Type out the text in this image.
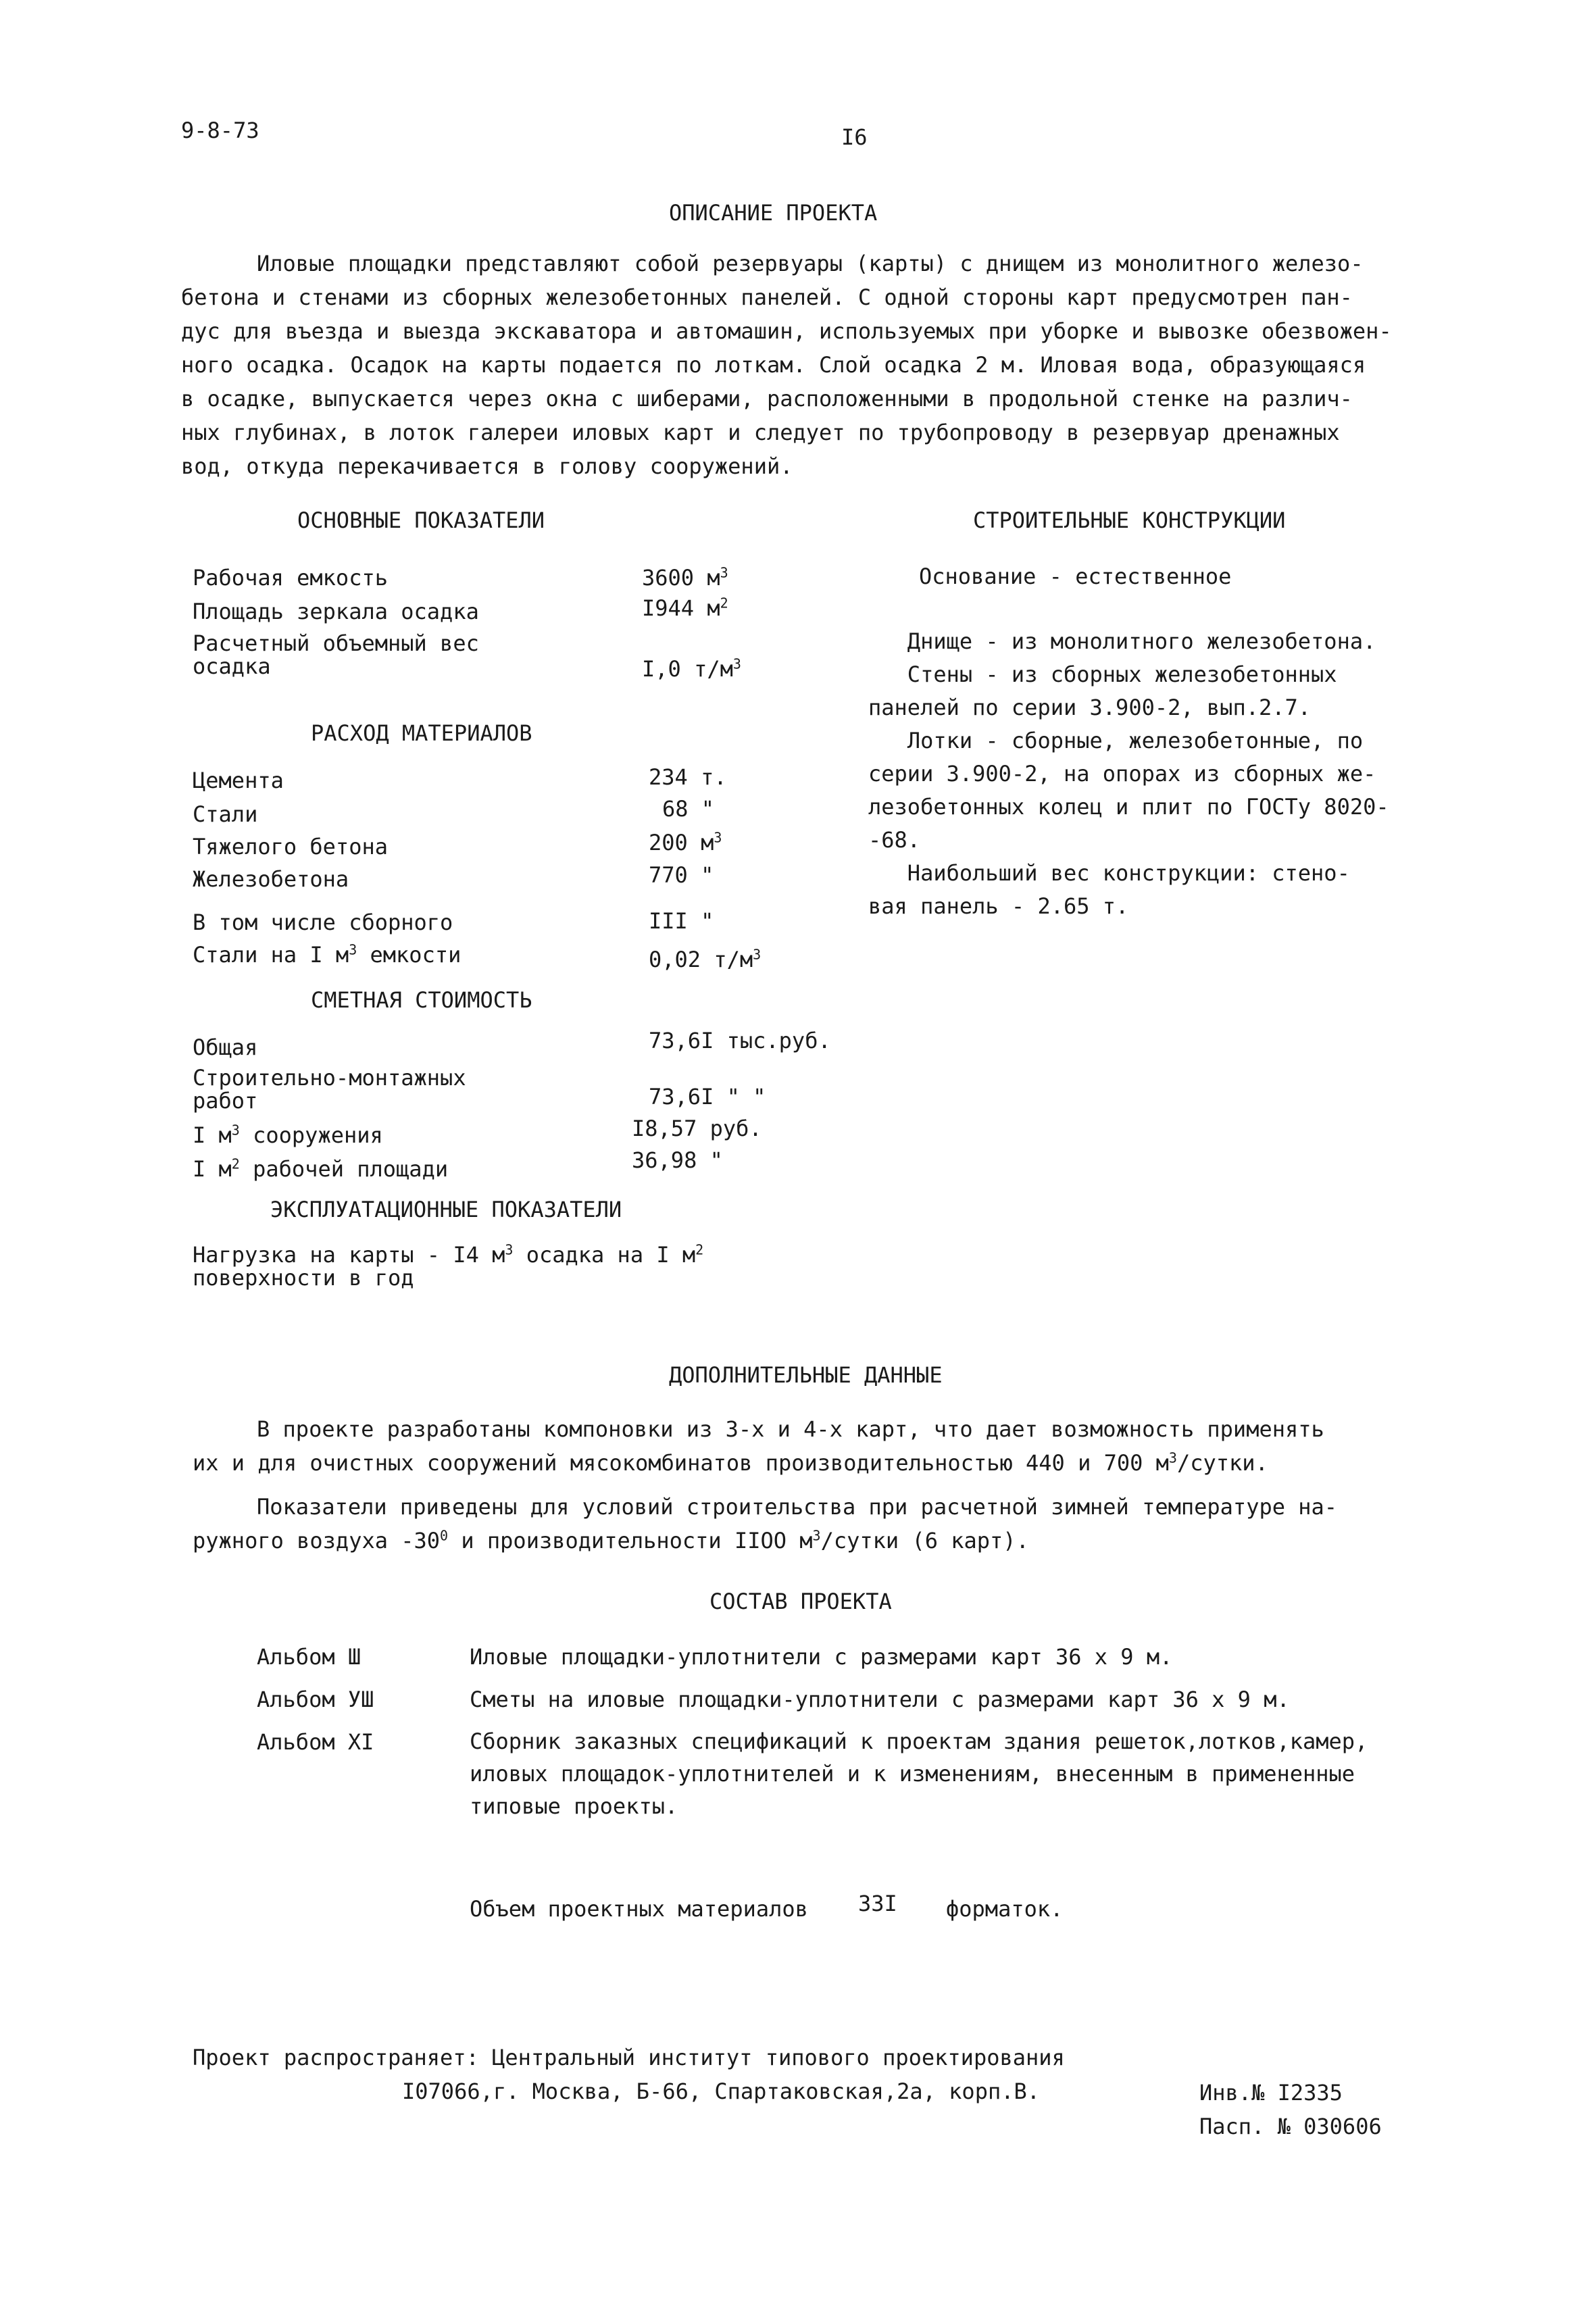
9-8-73	I6
ОПИСАНИЕ ПРОЕКТА
Иловые площадки представляют собой резервуары (карты) с днищем из монолитного железо-
бетона и стенами из сборных железобетонных панелей. С одной стороны карт предусмотрен пан-
дус для въезда и выезда экскаватора и автомашин, используемых при уборке и вывозке обезвожен-
ного осадка. Осадок на карты подается по лоткам. Слой осадка 2 м. Иловая вода, образующаяся
в осадке, выпускается через окна с шиберами, расположенными в продольной стенке на различ-
ных глубинах, в лоток галереи иловых карт и следует по трубопроводу в резервуар дренажных
вод, откуда перекачивается в голову сооружений.
ОСНОВНЫЕ ПОКАЗАТЕЛИ
Рабочая емкость	3600 $м^3$
Площадь зеркала осадка	I944 $м^2$
Расчетный объемный вес
осадка	I,0 $т/м^3$
РАСХОД МАТЕРИАЛОВ
Цемента	234 т.
Стали	68 "
Тяжелого бетона	200 $м^3$
Железобетона	770 "
В том числе сборного	III "
Стали на I $м^3$ емкости	0,02 $т/м^3$
СМЕТНАЯ СТОИМОСТЬ
Общая	73,6I тыс.руб.
Строительно-монтажных
работ	73,6I " "
I $м^3$ сооружения	I8,57 руб.
I $м^2$ рабочей площади	36,98 "
ЭКСПЛУАТАЦИОННЫЕ ПОКАЗАТЕЛИ
Нагрузка на карты - I4 $м^3$ осадка на I $м^2$
поверхности в год
СТРОИТЕЛЬНЫЕ КОНСТРУКЦИИ
Основание - естественное
Днище - из монолитного железобетона.
Стены - из сборных железобетонных
панелей по серии 3.900-2, вып.2.7.
Лотки - сборные, железобетонные, по
серии 3.900-2, на опорах из сборных же-
лезобетонных колец и плит по ГОСТу 8020-
-68.
Наибольший вес конструкции: стено-
вая панель - 2.65 т.
ДОПОЛНИТЕЛЬНЫЕ ДАННЫЕ
В проекте разработаны компоновки из 3-х и 4-х карт, что дает возможность применять
их и для очистных сооружений мясокомбинатов производительностью 440 и 700 $м^3$/сутки.
Показатели приведены для условий строительства при расчетной зимней температуре на-
ружного воздуха $-30^0$ и производительности IIOO $м^3$/сутки (6 карт).
СОСТАВ ПРОЕКТА
Альбом Ш	Иловые площадки-уплотнители с размерами карт 36 х 9 м.
Альбом УШ	Сметы на иловые площадки-уплотнители с размерами карт 36 х 9 м.
Альбом XI	Сборник заказных спецификаций к проектам здания решеток,лотков,камер,
иловых площадок-уплотнителей и к изменениям, внесенным в примененные
типовые проекты.
Объем проектных материалов 33I форматок.
Проект распространяет: Центральный институт типового проектирования
I07066,г. Москва, Б-66, Спартаковская,2а, корп.В.	Инв.№ I2335
Пасп. № 030606
